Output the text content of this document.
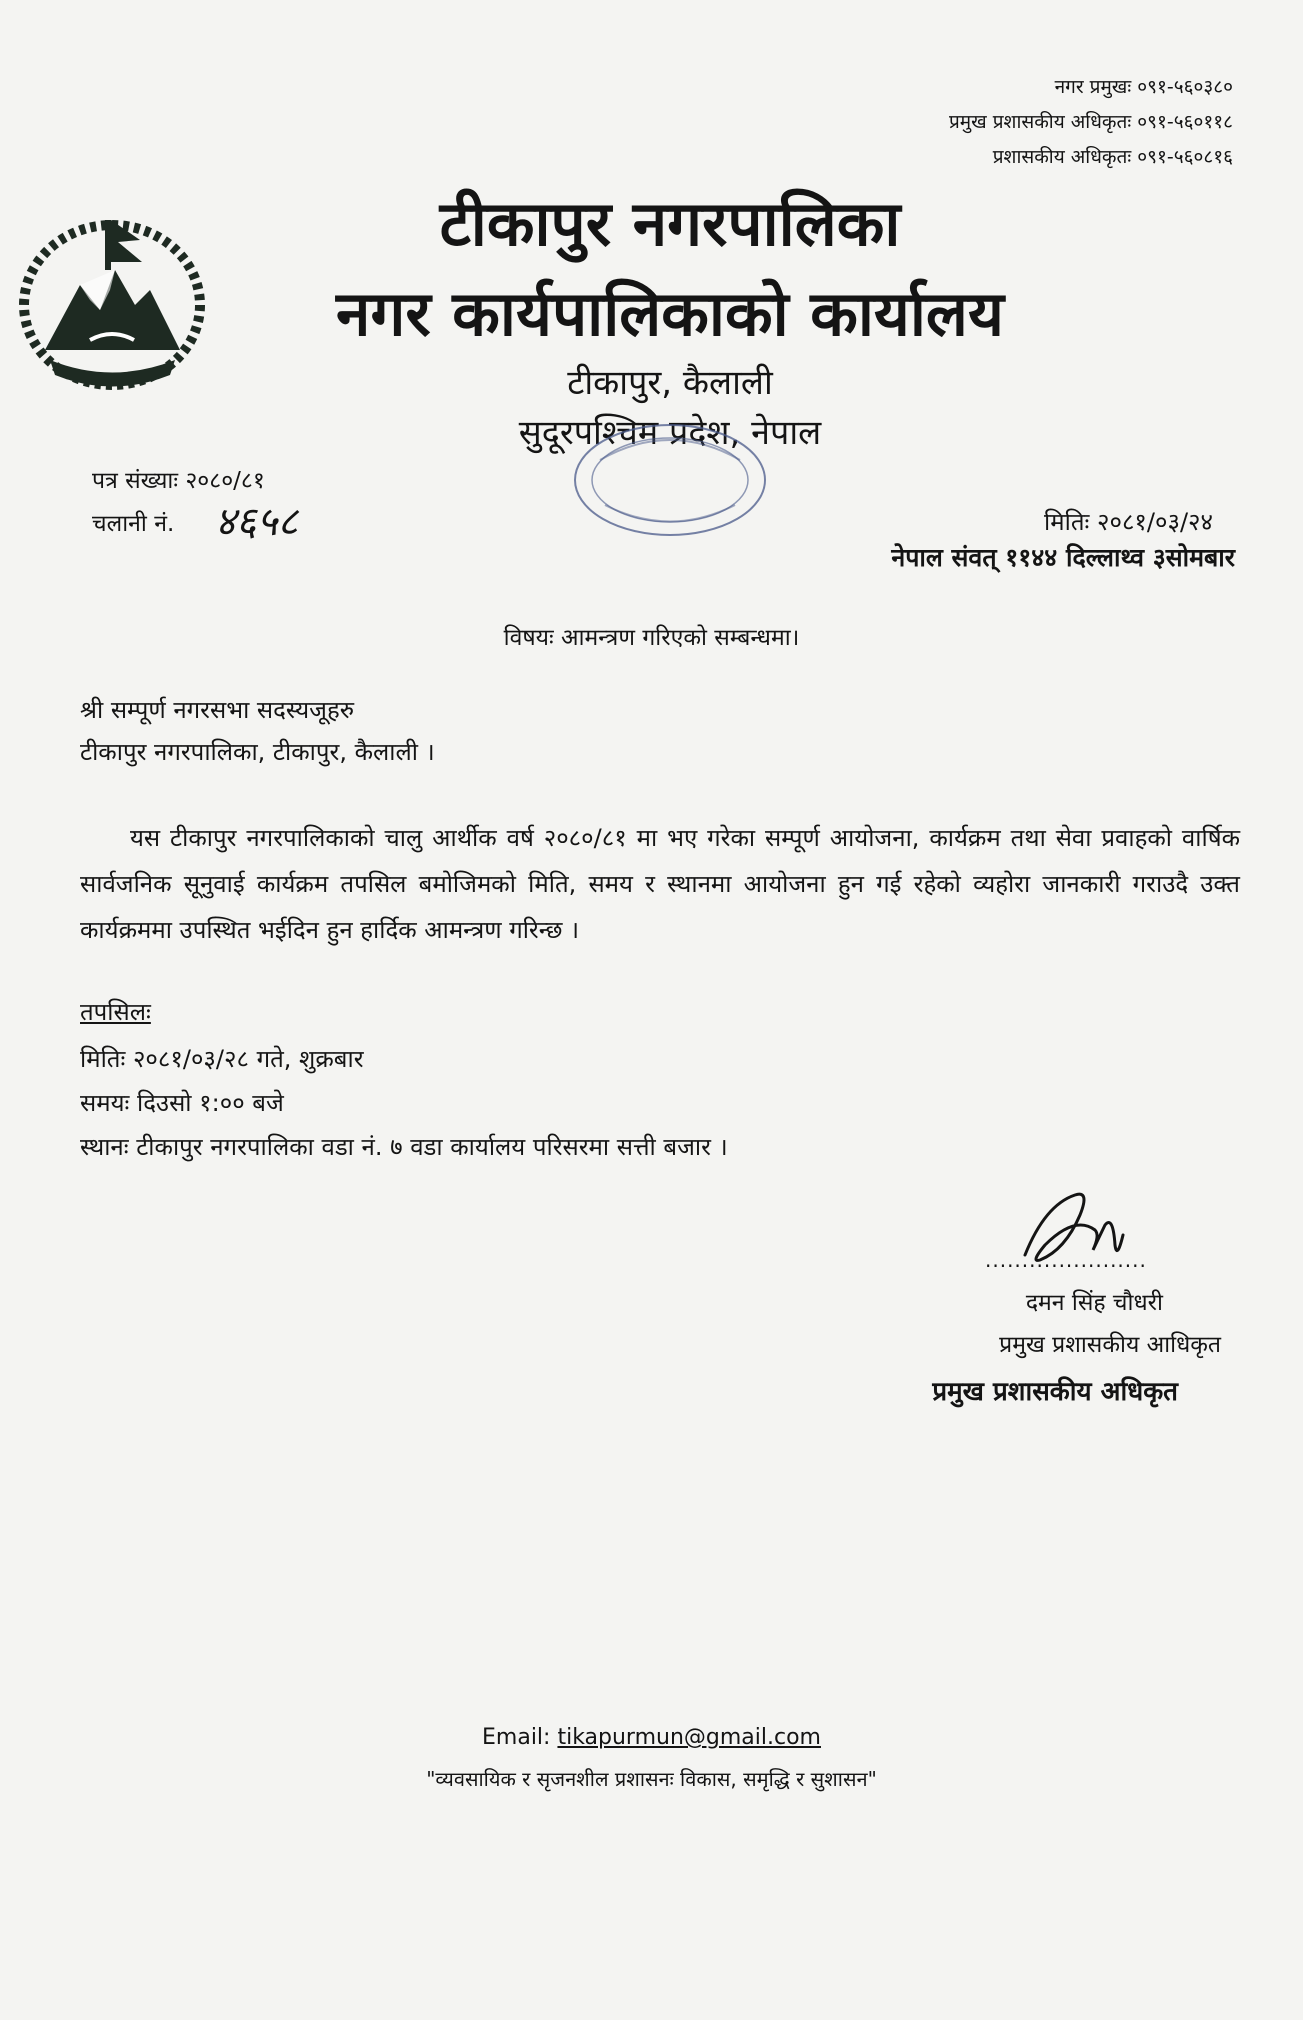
नगर प्रमुखः ०९१-५६०३८०
प्रमुख प्रशासकीय अधिकृतः ०९१-५६०११८
प्रशासकीय अधिकृतः ०९१-५६०८१६
टीकापुर नगरपालिका
नगर कार्यपालिकाको कार्यालय
टीकापुर, कैलाली
सुदूरपश्चिम प्रदेश, नेपाल
पत्र संख्याः २०८०/८१
चलानी नं. ४६५८	मितिः २०८१/०३/२४
नेपाल संवत् ११४४ दिल्लाथ्व ३सोमबार
विषयः आमन्त्रण गरिएको सम्बन्धमा।
श्री सम्पूर्ण नगरसभा सदस्यजूहरु
टीकापुर नगरपालिका, टीकापुर, कैलाली ।
यस टीकापुर नगरपालिकाको चालु आर्थीक वर्ष २०८०/८१ मा भए गरेका सम्पूर्ण आयोजना, कार्यक्रम तथा सेवा प्रवाहको वार्षिक सार्वजनिक सूनुवाई कार्यक्रम तपसिल बमोजिमको मिति, समय र स्थानमा आयोजना हुन गई रहेको व्यहोरा जानकारी गराउदै उक्त कार्यक्रममा उपस्थित भईदिन हुन हार्दिक आमन्त्रण गरिन्छ ।
तपसिलः
मितिः २०८१/०३/२८ गते, शुक्रबार
समयः दिउसो १:०० बजे
स्थानः टीकापुर नगरपालिका वडा नं. ७ वडा कार्यालय परिसरमा सत्ती बजार ।
......................
दमन सिंह चौधरी
प्रमुख प्रशासकीय आधिकृत
प्रमुख प्रशासकीय अधिकृत
Email: tikapurmun@gmail.com
"व्यवसायिक र सृजनशील प्रशासनः विकास, समृद्धि र सुशासन"
